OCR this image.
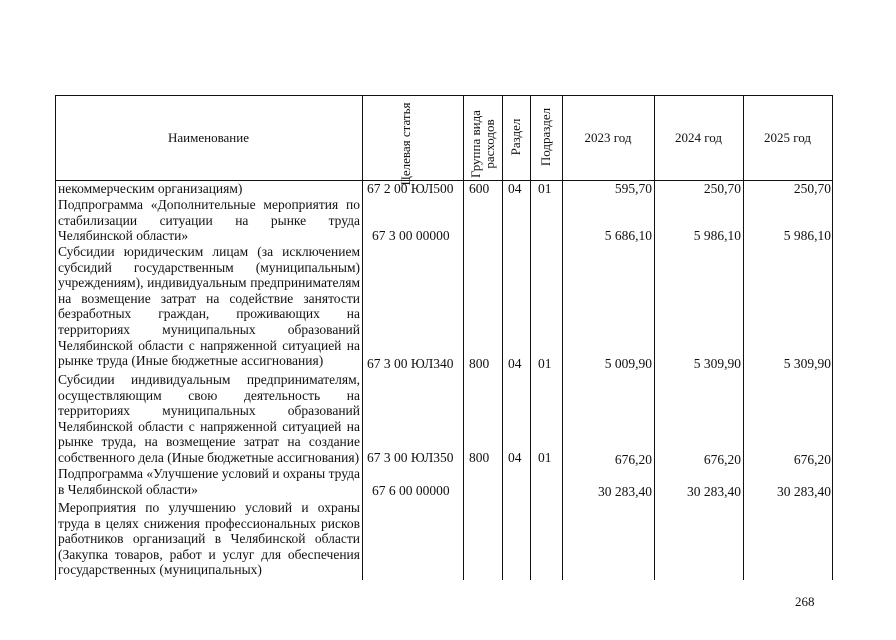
Наименование	Целевая статья	Группа вида расходов Раздел Подраздел	2023 год	2024 год	2025 год
некоммерческим организациям)	67 2 00 ЮЛ500 600 04 01	595,70	250,70	250,70
Подпрограмма «Дополнительные мероприятия по стабилизации ситуации на рынке труда Челябинской области»	67 3 00 00000	5 686,10	5 986,10	5 986,10
Субсидии юридическим лицам (за исключением субсидий государственным (муниципальным) учреждениям), индивидуальным предпринимателям на возмещение затрат на содействие занятости безработных граждан, проживающих на территориях муниципальных образований Челябинской области с напряженной ситуацией на рынке труда (Иные бюджетные ассигнования)	67 3 00 ЮЛ340 800 04 01	5 009,90	5 309,90	5 309,90
Субсидии индивидуальным предпринимателям, осуществляющим свою деятельность на территориях муниципальных образований Челябинской области с напряженной ситуацией на рынке труда, на возмещение затрат на создание собственного дела (Иные бюджетные ассигнования) 67 3 00 ЮЛ350 800 04 01	676,20	676,20	676,20
Подпрограмма «Улучшение условий и охраны труда в Челябинской области»	67 6 00 00000	30 283,40	30 283,40	30 283,40
Мероприятия по улучшению условий и охраны труда в целях снижения профессиональных рисков работников организаций в Челябинской области (Закупка товаров, работ и услуг для обеспечения государственных (муниципальных)
268
